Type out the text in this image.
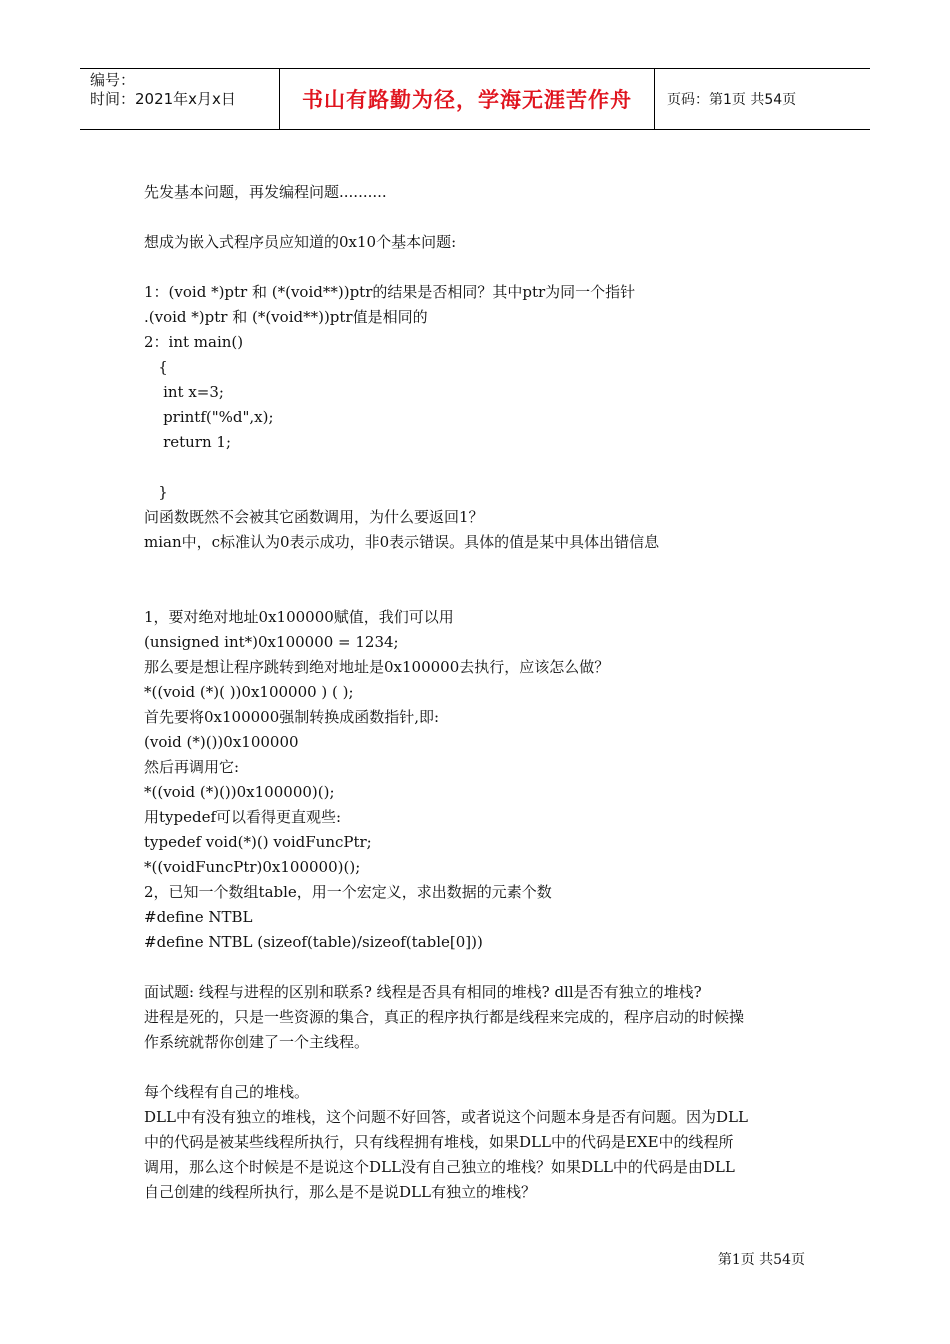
编号：
时间：2021年x月x日	书山有路勤为径，学海无涯苦作舟	页码：第1页 共54页
先发基本问题，再发编程问题..........
想成为嵌入式程序员应知道的0x10个基本问题:
1：(void *)ptr 和 (*(void**))ptr的结果是否相同？其中ptr为同一个指针
.(void *)ptr 和 (*(void**))ptr值是相同的
2：int main()
{
int x=3;
printf("%d",x);
return 1;
}
问函数既然不会被其它函数调用，为什么要返回1？
mian中，c标准认为0表示成功，非0表示错误。具体的值是某中具体出错信息
1，要对绝对地址0x100000赋值，我们可以用
(unsigned int*)0x100000 = 1234;
那么要是想让程序跳转到绝对地址是0x100000去执行，应该怎么做？
*((void (*)( ))0x100000 ) ( );
首先要将0x100000强制转换成函数指针,即:
(void (*)())0x100000
然后再调用它:
*((void (*)())0x100000)();
用typedef可以看得更直观些:
typedef void(*)() voidFuncPtr;
*((voidFuncPtr)0x100000)();
2，已知一个数组table，用一个宏定义，求出数据的元素个数
#define NTBL
#define NTBL (sizeof(table)/sizeof(table[0]))
面试题: 线程与进程的区别和联系? 线程是否具有相同的堆栈? dll是否有独立的堆栈?
进程是死的，只是一些资源的集合，真正的程序执行都是线程来完成的，程序启动的时候操
作系统就帮你创建了一个主线程。
每个线程有自己的堆栈。
DLL中有没有独立的堆栈，这个问题不好回答，或者说这个问题本身是否有问题。因为DLL
中的代码是被某些线程所执行，只有线程拥有堆栈，如果DLL中的代码是EXE中的线程所
调用，那么这个时候是不是说这个DLL没有自己独立的堆栈？如果DLL中的代码是由DLL
自己创建的线程所执行，那么是不是说DLL有独立的堆栈？
第1页 共54页
